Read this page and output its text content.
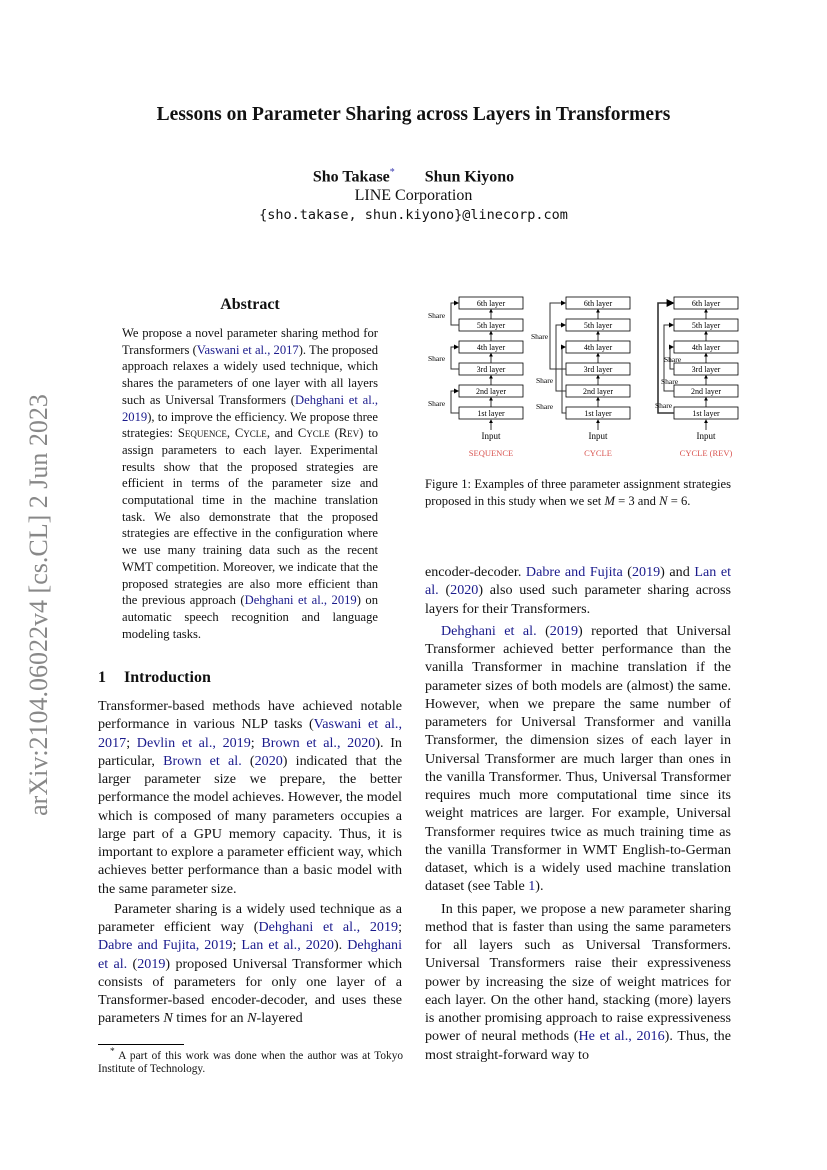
Lessons on Parameter Sharing across Layers in Transformers
Sho Takase* Shun Kiyono
LINE Corporation
{sho.takase, shun.kiyono}@linecorp.com
arXiv:2104.06022v4 [cs.CL] 2 Jun 2023
Abstract

We propose a novel parameter sharing method for Transformers (Vaswani et al., 2017). The proposed approach relaxes a widely used technique, which shares the parameters of one layer with all layers such as Universal Transformers (Dehghani et al., 2019), to improve the efficiency. We propose three strategies: Sequence, Cycle, and Cycle (Rev) to assign parameters to each layer. Experimental results show that the proposed strategies are efficient in terms of the parameter size and computational time in the machine translation task. We also demonstrate that the proposed strategies are effective in the configuration where we use many training data such as the recent WMT competition. Moreover, we indicate that the proposed strategies are also more efficient than the previous approach (Dehghani et al., 2019) on automatic speech recognition and language modeling tasks.

1 Introduction

Transformer-based methods have achieved notable performance in various NLP tasks (Vaswani et al., 2017; Devlin et al., 2019; Brown et al., 2020). In particular, Brown et al. (2020) indicated that the larger parameter size we prepare, the better performance the model achieves. However, the model which is composed of many parameters occupies a large part of a GPU memory capacity. Thus, it is important to explore a parameter efficient way, which achieves better performance than a basic model with the same parameter size.

Parameter sharing is a widely used technique as a parameter efficient way (Dehghani et al., 2019; Dabre and Fujita, 2019; Lan et al., 2020). Dehghani et al. (2019) proposed Universal Transformer which consists of parameters for only one layer of a Transformer-based encoder-decoder, and uses these parameters N times for an N-layered

* A part of this work was done when the author was at Tokyo Institute of Technology.

1st layer
2nd layer
3rd layer
4th layer
5th layer
6th layer
Input
SEQUENCE
1st layer
2nd layer
3rd layer
4th layer
5th layer
6th layer
Input
CYCLE
1st layer
2nd layer
3rd layer
4th layer
5th layer
6th layer
Input
CYCLE (REV)
Share
Share
Share
Share
Share
Share
Share
Share
Share
Figure 1: Examples of three parameter assignment strategies proposed in this study when we set M = 3 and N = 6.

encoder-decoder. Dabre and Fujita (2019) and Lan et al. (2020) also used such parameter sharing across layers for their Transformers.

Dehghani et al. (2019) reported that Universal Transformer achieved better performance than the vanilla Transformer in machine translation if the parameter sizes of both models are (almost) the same. However, when we prepare the same number of parameters for Universal Transformer and vanilla Transformer, the dimension sizes of each layer in Universal Transformer are much larger than ones in the vanilla Transformer. Thus, Universal Transformer requires much more computational time since its weight matrices are larger. For example, Universal Transformer requires twice as much training time as the vanilla Transformer in WMT English-to-German dataset, which is a widely used machine translation dataset (see Table 1).

In this paper, we propose a new parameter sharing method that is faster than using the same parameters for all layers such as Universal Transformers. Universal Transformers raise their expressiveness power by increasing the size of weight matrices for each layer. On the other hand, stacking (more) layers is another promising approach to raise expressiveness power of neural methods (He et al., 2016). Thus, the most straight-forward way to
